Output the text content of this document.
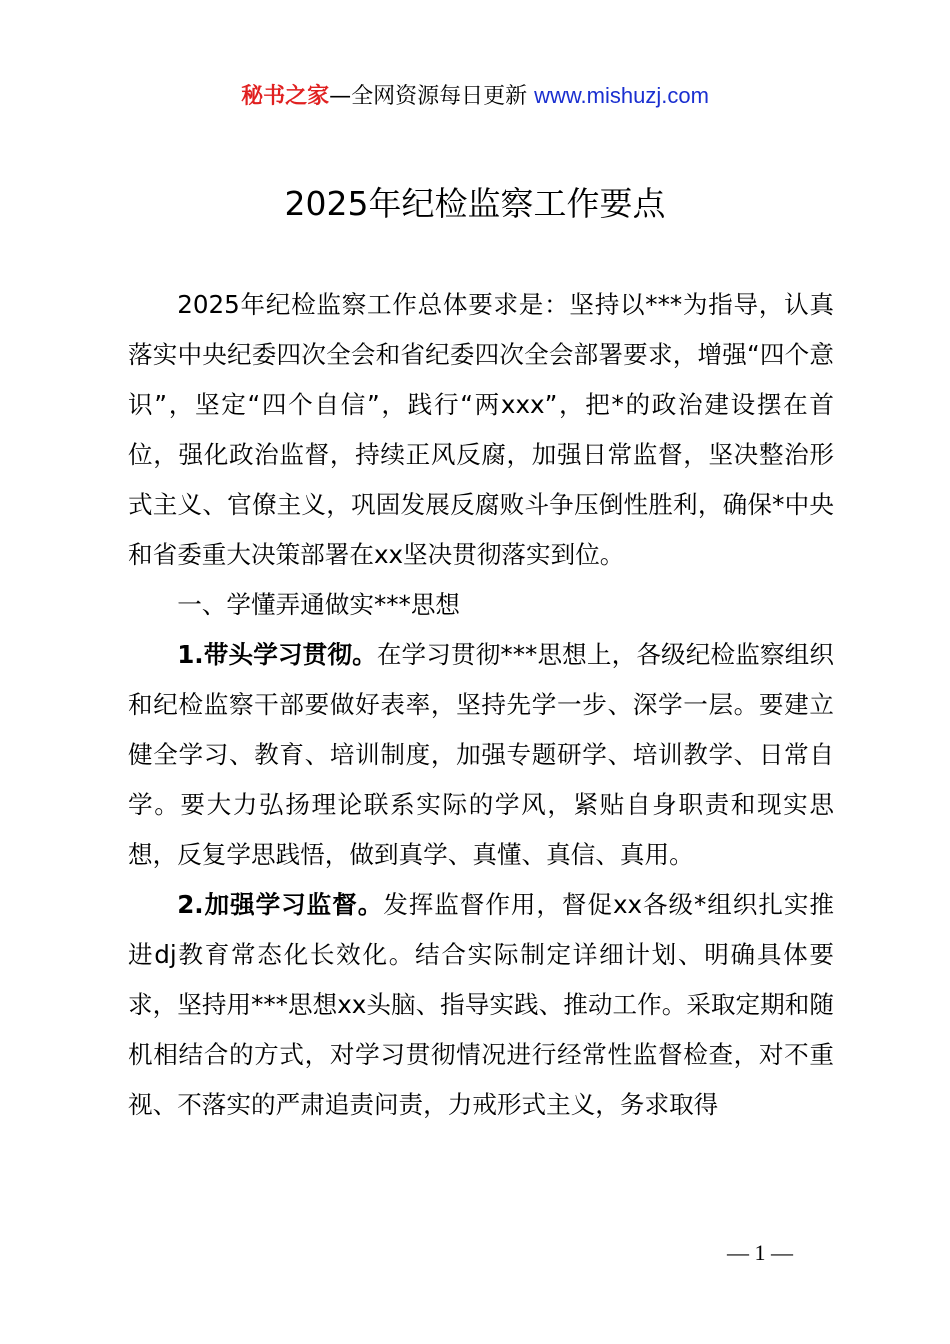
秘书之家—全网资源每日更新 www.mishuzj.com
2025年纪检监察工作要点

2025年纪检监察工作总体要求是：坚持以***为指导，认真落实中央纪委四次全会和省纪委四次全会部署要求，增强“四个意识”，坚定“四个自信”，践行“两xxx”，把*的政治建设摆在首位，强化政治监督，持续正风反腐，加强日常监督，坚决整治形式主义、官僚主义，巩固发展反腐败斗争压倒性胜利，确保*中央和省委重大决策部署在xx坚决贯彻落实到位。

一、学懂弄通做实***思想

1.带头学习贯彻。在学习贯彻***思想上，各级纪检监察组织和纪检监察干部要做好表率，坚持先学一步、深学一层。要建立健全学习、教育、培训制度，加强专题研学、培训教学、日常自学。要大力弘扬理论联系实际的学风，紧贴自身职责和现实思想，反复学思践悟，做到真学、真懂、真信、真用。

2.加强学习监督。发挥监督作用，督促xx各级*组织扎实推进dj教育常态化长效化。结合实际制定详细计划、明确具体要求，坚持用***思想xx头脑、指导实践、推动工作。采取定期和随机相结合的方式，对学习贯彻情况进行经常性监督检查，对不重视、不落实的严肃追责问责，力戒形式主义，务求取得

— 1 —
